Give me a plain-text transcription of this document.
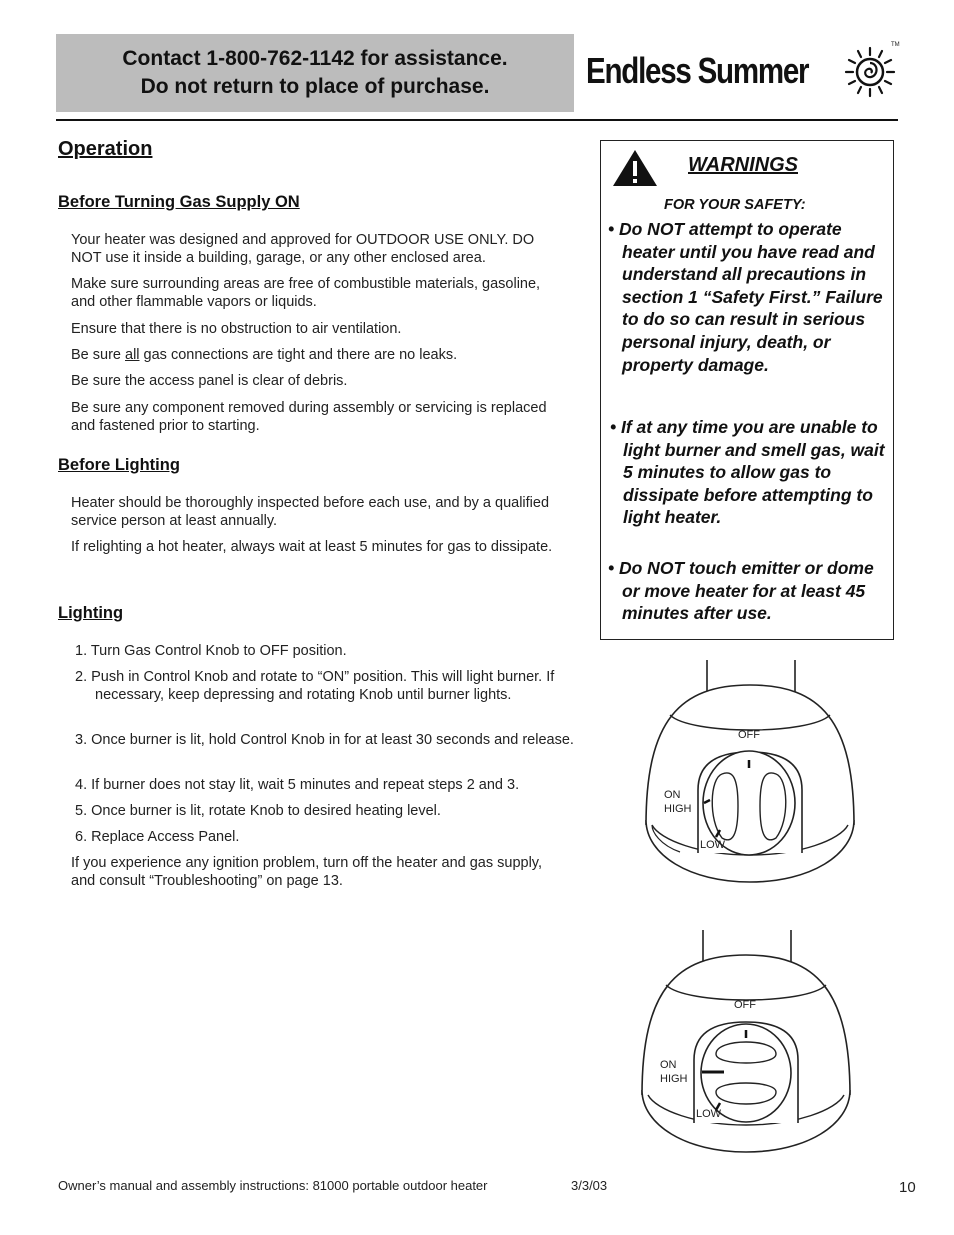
Contact 1-800-762-1142 for assistance.
Do not return to place of purchase.	Endless Summer
TM
Operation
Before Turning Gas Supply ON
Your heater was designed and approved for OUTDOOR USE ONLY. DO NOT use it inside a building, garage, or any other enclosed area.
Make sure surrounding areas are free of combustible materials, gasoline, and other flammable vapors or liquids.
Ensure that there is no obstruction to air ventilation.
Be sure all gas connections are tight and there are no leaks.
Be sure the access panel is clear of debris.
Be sure any component removed during assembly or servicing is replaced and fastened prior to starting.
Before Lighting
Heater should be thoroughly inspected before each use, and by a qualified service person at least annually.
If relighting a hot heater, always wait at least 5 minutes for gas to dissipate.
Lighting
1. Turn Gas Control Knob to OFF position.
2. Push in Control Knob and rotate to “ON” position. This will light burner. If necessary, keep depressing and rotating Knob until burner lights.
3. Once burner is lit, hold Control Knob in for at least 30 seconds and release.
4. If burner does not stay lit, wait 5 minutes and repeat steps 2 and 3.
5. Once burner is lit, rotate Knob to desired heating level.
6. Replace Access Panel.
If you experience any ignition problem, turn off the heater and gas supply, and consult “Troubleshooting” on page 13.
WARNINGS
FOR YOUR SAFETY:
• Do NOT attempt to operate heater until you have read and understand all precautions in section 1 “Safety First.” Failure to do so can result in serious personal injury, death, or property damage.
• If at any time you are unable to light burner and smell gas, wait 5 minutes to allow gas to dissipate before attempting to light heater.
• Do NOT touch emitter or dome or move heater for at least 45 minutes after use.
OFF
ON
HIGH
LOW
OFF
ON
HIGH
LOW
Owner’s manual and assembly instructions: 81000 portable outdoor heater	3/3/03	10
